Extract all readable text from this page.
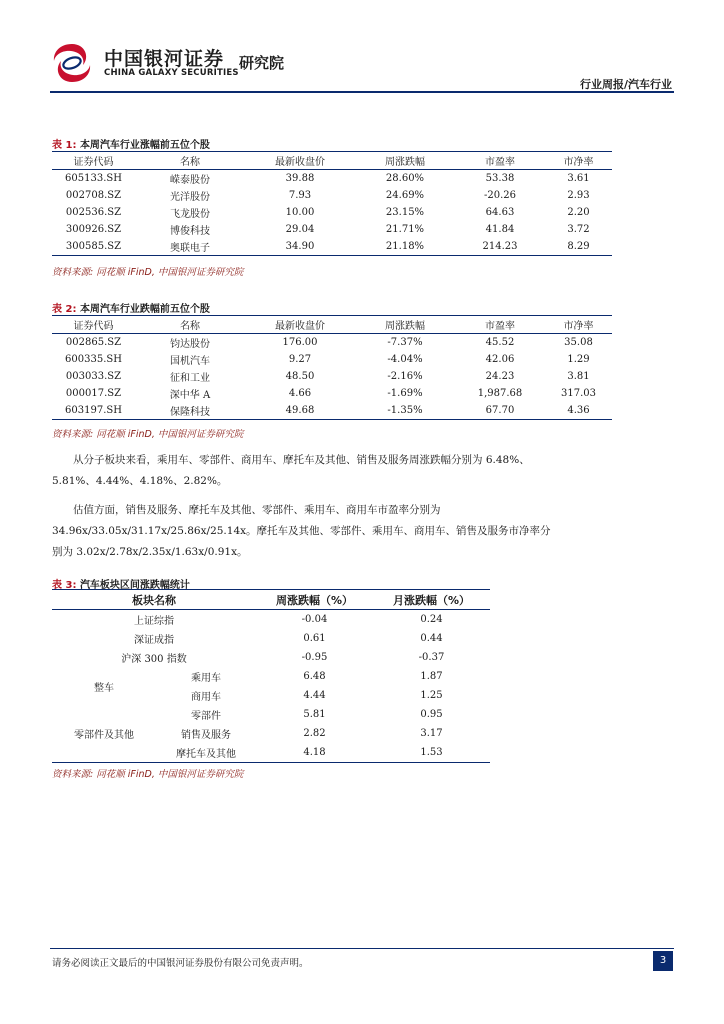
中国银河证券
CHINA GALAXY SECURITIES
研究院
行业周报/汽车行业
表 1: 本周汽车行业涨幅前五位个股
证券代码	名称	最新收盘价	周涨跌幅	市盈率	市净率
605133.SH	嵘泰股份	39.88	28.60%	53.38	3.61
002708.SZ	光洋股份	7.93	24.69%	-20.26	2.93
002536.SZ	飞龙股份	10.00	23.15%	64.63	2.20
300926.SZ	博俊科技	29.04	21.71%	41.84	3.72
300585.SZ	奥联电子	34.90	21.18%	214.23	8.29
资料来源: 同花顺 iFinD, 中国银河证券研究院
表 2: 本周汽车行业跌幅前五位个股
证券代码	名称	最新收盘价	周涨跌幅	市盈率	市净率
002865.SZ	钧达股份	176.00	-7.37%	45.52	35.08
600335.SH	国机汽车	9.27	-4.04%	42.06	1.29
003033.SZ	征和工业	48.50	-2.16%	24.23	3.81
000017.SZ	深中华 A	4.66	-1.69%	1,987.68	317.03
603197.SH	保隆科技	49.68	-1.35%	67.70	4.36
资料来源: 同花顺 iFinD, 中国银河证券研究院

从分子板块来看，乘用车、零部件、商用车、摩托车及其他、销售及服务周涨跌幅分别为 6.48%、5.81%、4.44%、4.18%、2.82%。

估值方面，销售及服务、摩托车及其他、零部件、乘用车、商用车市盈率分别为 34.96x/33.05x/31.17x/25.86x/25.14x。摩托车及其他、零部件、乘用车、商用车、销售及服务市净率分别为 3.02x/2.78x/2.35x/1.63x/0.91x。

表 3: 汽车板块区间涨跌幅统计
板块名称		周涨跌幅（%）	月涨跌幅（%）
上证综指		-0.04	0.24
深证成指		0.61	0.44
沪深 300 指数		-0.95	-0.37
整车	乘用车	6.48	1.87
	商用车	4.44	1.25
零部件及其他	零部件	5.81	0.95
	销售及服务	2.82	3.17
	摩托车及其他	4.18	1.53
资料来源: 同花顺 iFinD, 中国银河证券研究院
请务必阅读正文最后的中国银河证券股份有限公司免责声明。	3
